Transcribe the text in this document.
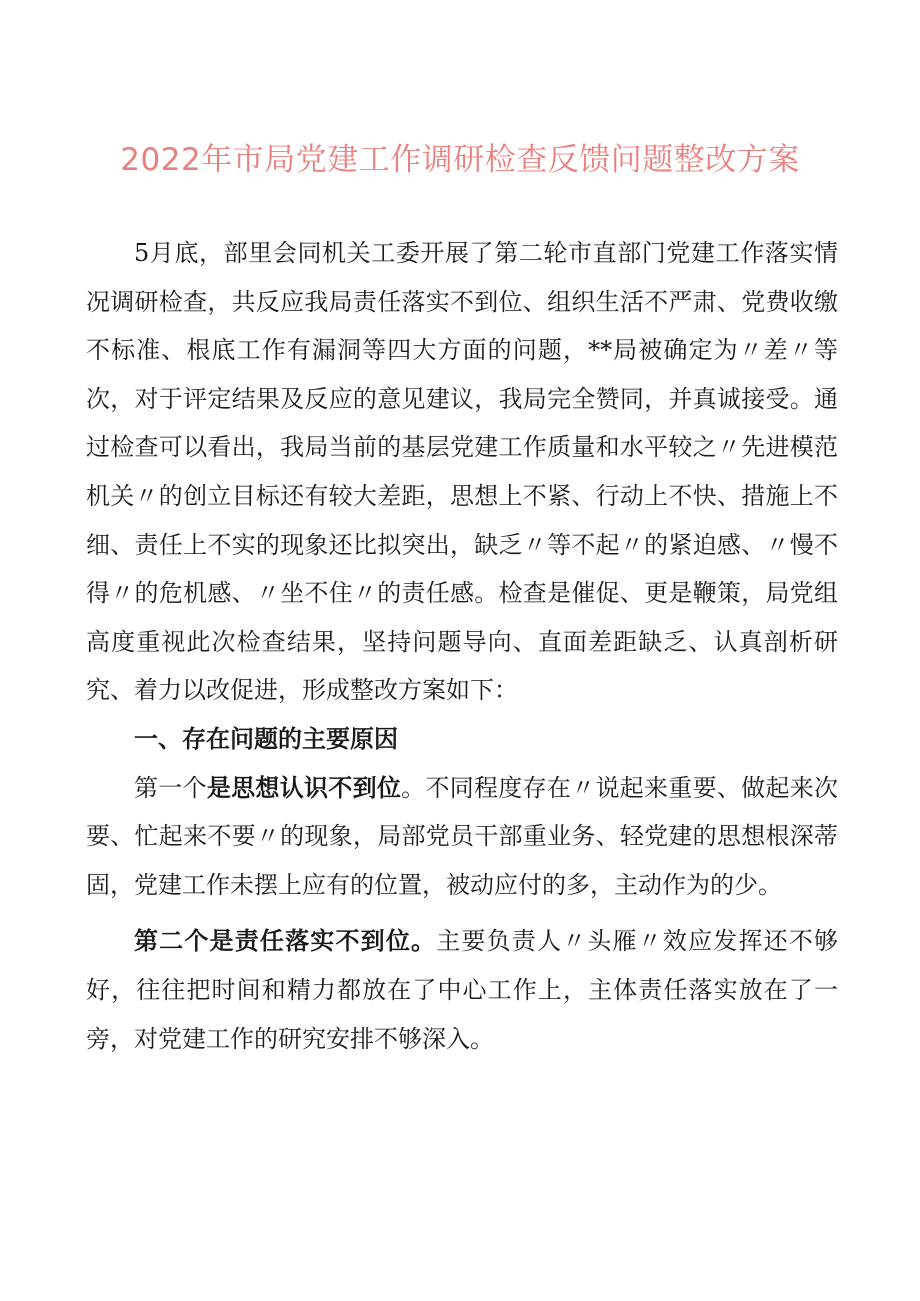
2022年市局党建工作调研检查反馈问题整改方案

5月底，部里会同机关工委开展了第二轮市直部门党建工作落实情况调研检查，共反应我局责任落实不到位、组织生活不严肃、党费收缴不标准、根底工作有漏洞等四大方面的问题，**局被确定为〃差〃等次，对于评定结果及反应的意见建议，我局完全赞同，并真诚接受。通过检查可以看出，我局当前的基层党建工作质量和水平较之〃先进模范机关〃的创立目标还有较大差距，思想上不紧、行动上不快、措施上不细、责任上不实的现象还比拟突出，缺乏〃等不起〃的紧迫感、〃慢不得〃的危机感、〃坐不住〃的责任感。检查是催促、更是鞭策，局党组高度重视此次检查结果，坚持问题导向、直面差距缺乏、认真剖析研究、着力以改促进，形成整改方案如下：

一、存在问题的主要原因

第一个是思想认识不到位。不同程度存在〃说起来重要、做起来次要、忙起来不要〃的现象，局部党员干部重业务、轻党建的思想根深蒂固，党建工作未摆上应有的位置，被动应付的多，主动作为的少。

第二个是责任落实不到位。主要负责人〃头雁〃效应发挥还不够好，往往把时间和精力都放在了中心工作上，主体责任落实放在了一旁，对党建工作的研究安排不够深入。
